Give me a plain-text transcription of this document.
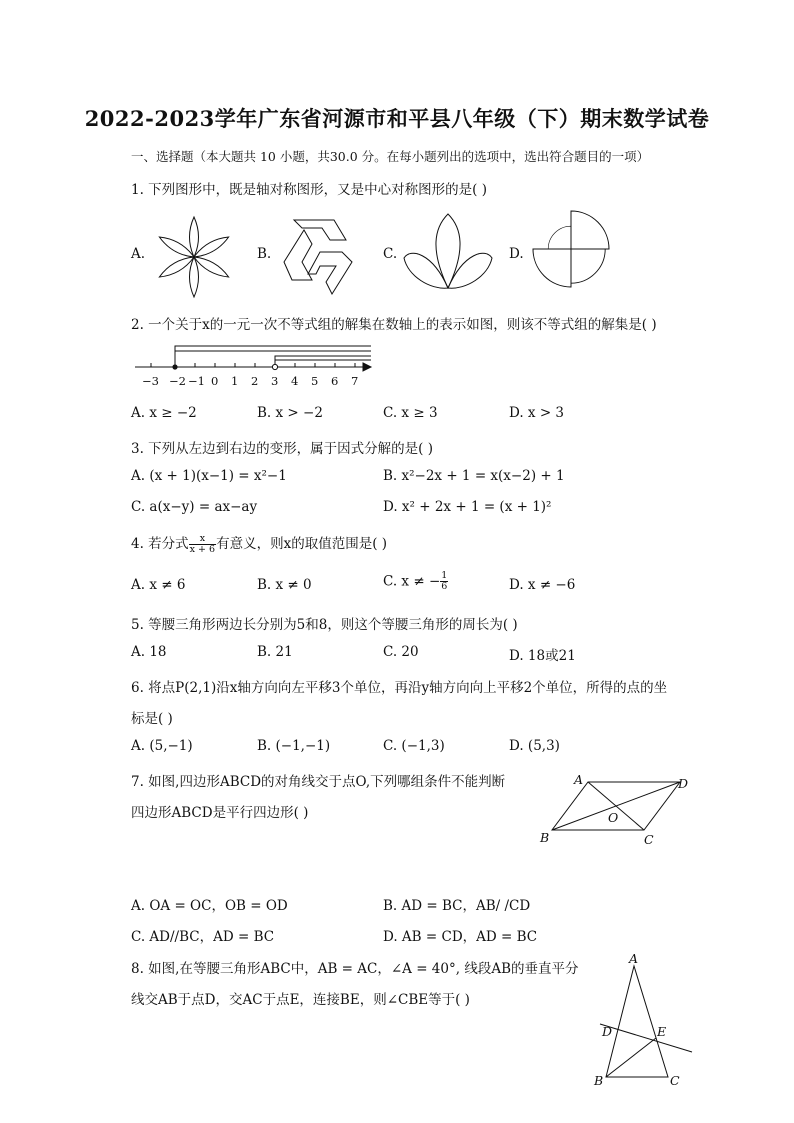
2022-2023学年广东省河源市和平县八年级（下）期末数学试卷
一、选择题（本大题共 10 小题，共30.0 分。在每小题列出的选项中，选出符合题目的一项）
1. 下列图形中，既是轴对称图形，又是中心对称图形的是( )
A.	B.	C.	D.
2. 一个关于x的一元一次不等式组的解集在数轴上的表示如图，则该不等式组的解集是( )
−3 −2 −1 0 1 2 3 4 5 6 7
A. x ≥ −2	B. x > −2	C. x ≥ 3	D. x > 3
3. 下列从左边到右边的变形，属于因式分解的是( )
A. (x + 1)(x−1) = x²−1	B. x²−2x + 1 = x(x−2) + 1
C. a(x−y) = ax−ay	D. x² + 2x + 1 = (x + 1)²
4. 若分式 $\frac{x}{x + 6}$ 有意义，则x的取值范围是( )
A. x ≠ 6	B. x ≠ 0	C. x ≠ − $\frac{1}{6}$	D. x ≠ −6
5. 等腰三角形两边长分别为5和8，则这个等腰三角形的周长为( )
A. 18	B. 21	C. 20	D. 18或21
6. 将点P(2,1)沿x轴方向向左平移3个单位，再沿y轴方向向上平移2个单位，所得的点的坐
标是( )
A. (5,−1)	B. (−1,−1)	C. (−1,3)	D. (5,3)
7. 如图,四边形ABCD的对角线交于点O,下列哪组条件不能判断
四边形ABCD是平行四边形( )
A	D
O
B	C
A. OA = OC，OB = OD	B. AD = BC，AB/ /CD
C. AD//BC，AD = BC	D. AB = CD，AD = BC
8. 如图,在等腰三角形ABC中，AB = AC，∠A = 40°, 线段AB的垂直平分
线交AB于点D，交AC于点E，连接BE，则∠CBE等于( )
A
D	E
B	C
